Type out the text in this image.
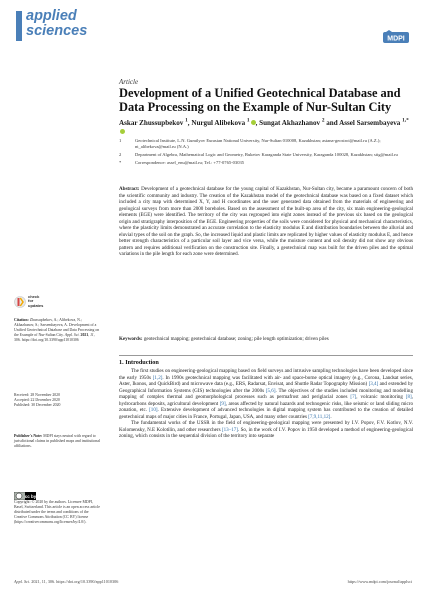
applied
sciences	MDPI
Article
Development of a Unified Geotechnical Database and Data Processing on the Example of Nur-Sultan City
Askar Zhussupbekov $^1$, Nurgul Alibekova $^1$ , Sungat Akhazhanov $^2$ and Assel Sarsembayeva $^{1,*}$
1	Geotechnical Institute, L.N. Gumilyov Eurasian National University, Nur-Sultan 010008, Kazakhstan; astana-geostroi@mail.ru (A.Z.); nt_alibekova@mail.ru (N.A.)
2	Department of Algebra, Mathematical Logic and Geometry, Buketov Karaganda State University, Karaganda 100028, Kazakhstan; stig@mail.ru
*	Correspondence: assel_enu@mail.ru; Tel.: +77-0765-03035
Abstract: Development of a geotechnical database for the young capital of Kazakhstan, Nur-Sultan city, became a paramount concern of both the scientific community and industry. The creation of the Kazakhstan model of the geotechnical database was based on a fixed dataset which included a city map with determined X, Y, and H coordinates and the user generated data obtained from the materials of engineering and geological surveys from more than 2000 boreholes. Based on the assessment of the built-up area of the city, six main engineering-geological elements (EGE) were identified. The territory of the city was regrouped into eight zones instead of the previous six based on the geological origin and stratigraphy interposition of the EGE. Engineering properties of the soils were considered for physical and mechanical characteristics, where the plasticity limits demonstrated an accurate correlation to the elasticity modulus E and distribution boundaries between the alluvial and eluvial types of the soil on the graph. So, the increased liquid and plastic limits are replicated by higher values of elasticity modulus E, and hence better strength characteristics of a particular soil layer and vice versa, while the moisture content and soil density did not show any obvious pattern and requires additional verification on the construction site. Finally, a geotechnical map was built for the driven piles and the optimal variations in the pile length for each zone were determined.
Keywords: geotechnical mapping; geotechnical database; zoning; pile length optimization; driven piles
1. Introduction

The first studies on engineering-geological mapping based on field surveys and intrusive sampling technologies have been developed since the early 1950s [1,2]. In 1990s geotechnical mapping was facilitated with air- and space-borne optical imagery (e.g., Corona, Landsat series, Aster, Ikonos, and QuickBird) and microwave data (e.g., ERS, Radarsat, Envisat, and Shuttle Radar Topography Mission) [3,4] and extended by Geographical Information Systems (GIS) technologies after the 2000s [5,6]. The objectives of the studies included monitoring and modelling mapping of complex thermal and geomorphological processes such as permafrost and periglacial zones [7], volcanic monitoring [8], hydrocarbons deposits, agricultural development [9], areas affected by natural hazards and technogenic risks, like seismic or land sliding micro zonation, etc. [10]. Extensive development of advanced technologies in digital mapping system has contributed to the creation of detailed geotechnical maps of major cities in France, Portugal, Japan, USA, and many other countries [7,9,11,12].

The fundamental works of the USSR in the field of engineering-geological mapping were presented by I.V. Popov, F.V. Kotlov, N.V. Kolomensky, N.E Kolotilin, and other researchers [13–17]. So, in the work of I.V. Popov in 1950 developed a method of engineering-geological zoning, which consists in the sequential division of the territory into separate

check for
updates
Citation: Zhussupbekov, A.; Alibekova, N.; Akhazhanov, S.; Sarsembayeva, A. Development of a Unified Geotechnical Database and Data Processing on the Example of Nur-Sultan City. Appl. Sci. 2021, 11, 306. https://doi.org/10.3390/app11010306
Received: 28 November 2020
Accepted: 22 December 2020
Published: 30 December 2020
Publisher's Note: MDPI stays neutral with regard to jurisdictional claims in published maps and institutional affiliations.
cc by
Copyright: © 2020 by the authors. Licensee MDPI, Basel, Switzerland. This article is an open access article distributed under the terms and conditions of the Creative Commons Attribution (CC BY) license (https://creativecommons.org/licenses/by/4.0/).
Appl. Sci. 2021, 11, 306. https://doi.org/10.3390/app11010306	https://www.mdpi.com/journal/applsci
